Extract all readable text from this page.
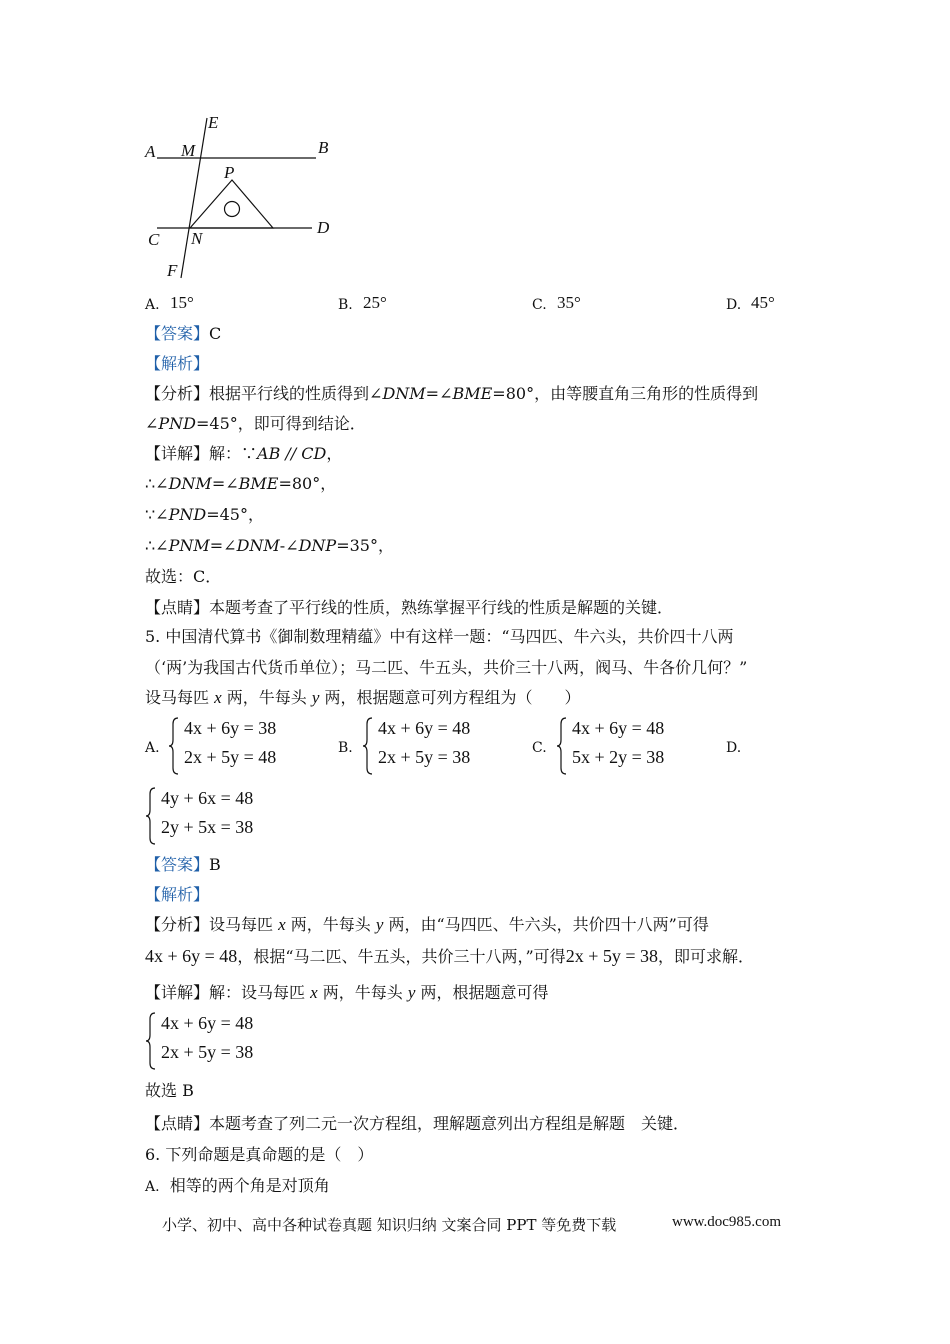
A M
E
B
P
C N
D
F
A. 15°	B. 25°	C. 35°	D. 45°
【答案】C
【解析】
【分析】根据平行线的性质得到∠DNM=∠BME=80°，由等腰直角三角形的性质得到
∠PND=45°，即可得到结论．
【详解】解：∵AB // CD，
∴∠DNM=∠BME=80°，
∵∠PND=45°，
∴∠PNM=∠DNM-∠DNP=35°，
故选：C．
【点睛】本题考查了平行线的性质，熟练掌握平行线的性质是解题的关键．
5. 中国清代算书《御制数理精蕴》中有这样一题：“马四匹、牛六头，共价四十八两
（‘两’为我国古代货币单位）；马二匹、牛五头，共价三十八两，阀马、牛各价几何？”
设马每匹 x 两，牛每头 y 两，根据题意可列方程组为（　　）
A.
4x + 6y = 38
2x + 5y = 48	B.
4x + 6y = 48
2x + 5y = 38	C.
4x + 6y = 48
5x + 2y = 38	D.
4y + 6x = 48
2y + 5x = 38
【答案】B
【解析】
【分析】设马每匹 x 两，牛每头 y 两，由“马四匹、牛六头，共价四十八两”可得
4x + 6y = 48，根据“马二匹、牛五头，共价三十八两，”可得2x + 5y = 38，即可求解．
【详解】解：设马每匹 x 两，牛每头 y 两，根据题意可得
4x + 6y = 48
2x + 5y = 38
故选 B
【点睛】本题考查了列二元一次方程组，理解题意列出方程组是解题　关键．
6. 下列命题是真命题的是（　）
A. 相等的两个角是对顶角
小学、初中、高中各种试卷真题 知识归纳 文案合同 PPT 等免费下载	www.doc985.com
